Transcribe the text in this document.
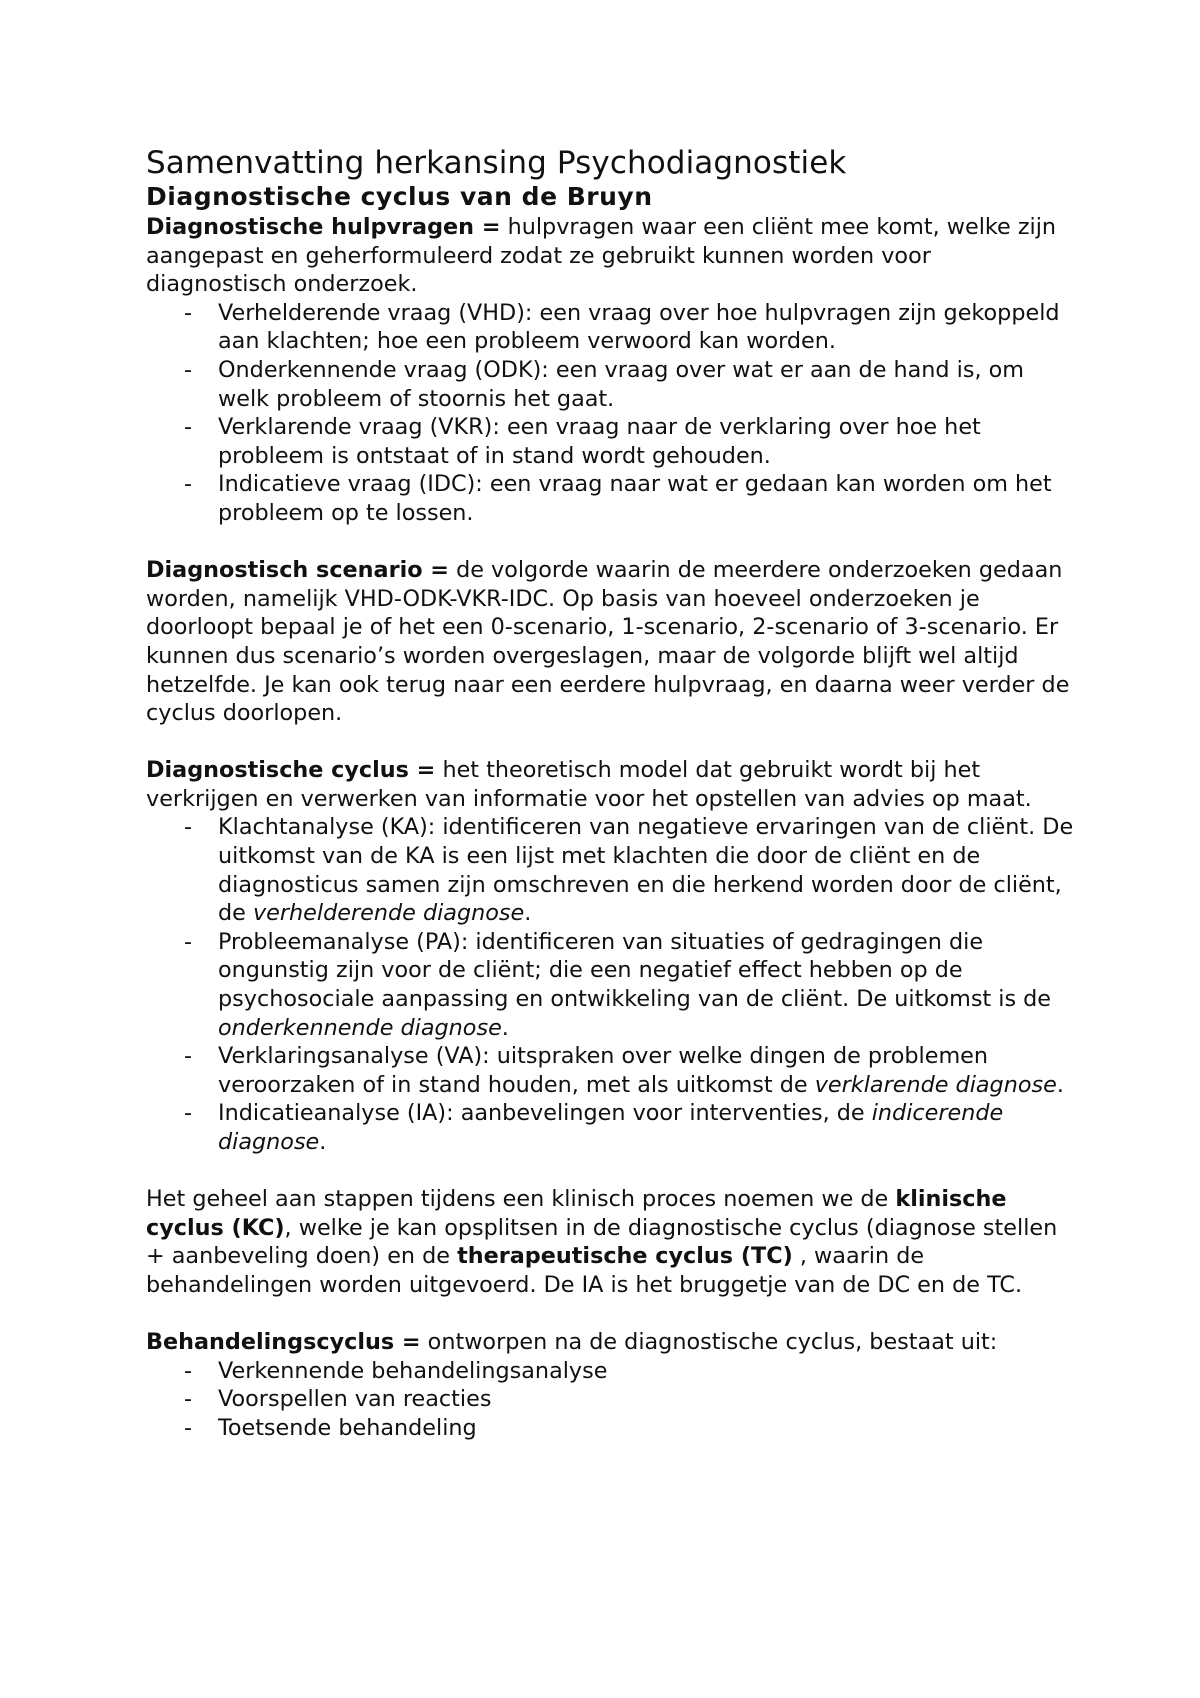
Samenvatting herkansing Psychodiagnostiek
Diagnostische cyclus van de Bruyn

Diagnostische hulpvragen = hulpvragen waar een cliënt mee komt, welke zijn aangepast en geherformuleerd zodat ze gebruikt kunnen worden voor diagnostisch onderzoek.

- Verhelderende vraag (VHD): een vraag over hoe hulpvragen zijn gekoppeld aan klachten; hoe een probleem verwoord kan worden.
- Onderkennende vraag (ODK): een vraag over wat er aan de hand is, om welk probleem of stoornis het gaat.
- Verklarende vraag (VKR): een vraag naar de verklaring over hoe het probleem is ontstaat of in stand wordt gehouden.
- Indicatieve vraag (IDC): een vraag naar wat er gedaan kan worden om het probleem op te lossen.

Diagnostisch scenario = de volgorde waarin de meerdere onderzoeken gedaan worden, namelijk VHD-ODK-VKR-IDC. Op basis van hoeveel onderzoeken je doorloopt bepaal je of het een 0-scenario, 1-scenario, 2-scenario of 3-scenario. Er kunnen dus scenario’s worden overgeslagen, maar de volgorde blijft wel altijd hetzelfde. Je kan ook terug naar een eerdere hulpvraag, en daarna weer verder de cyclus doorlopen.

Diagnostische cyclus = het theoretisch model dat gebruikt wordt bij het verkrijgen en verwerken van informatie voor het opstellen van advies op maat.

- Klachtanalyse (KA): identificeren van negatieve ervaringen van de cliënt. De uitkomst van de KA is een lijst met klachten die door de cliënt en de diagnosticus samen zijn omschreven en die herkend worden door de cliënt, de verhelderende diagnose.
- Probleemanalyse (PA): identificeren van situaties of gedragingen die ongunstig zijn voor de cliënt; die een negatief effect hebben op de psychosociale aanpassing en ontwikkeling van de cliënt. De uitkomst is de onderkennende diagnose.
- Verklaringsanalyse (VA): uitspraken over welke dingen de problemen veroorzaken of in stand houden, met als uitkomst de verklarende diagnose.
- Indicatieanalyse (IA): aanbevelingen voor interventies, de indicerende diagnose.

Het geheel aan stappen tijdens een klinisch proces noemen we de klinische cyclus (KC), welke je kan opsplitsen in de diagnostische cyclus (diagnose stellen + aanbeveling doen) en de therapeutische cyclus (TC) , waarin de behandelingen worden uitgevoerd. De IA is het bruggetje van de DC en de TC.

Behandelingscyclus = ontworpen na de diagnostische cyclus, bestaat uit:

- Verkennende behandelingsanalyse
- Voorspellen van reacties
- Toetsende behandeling
